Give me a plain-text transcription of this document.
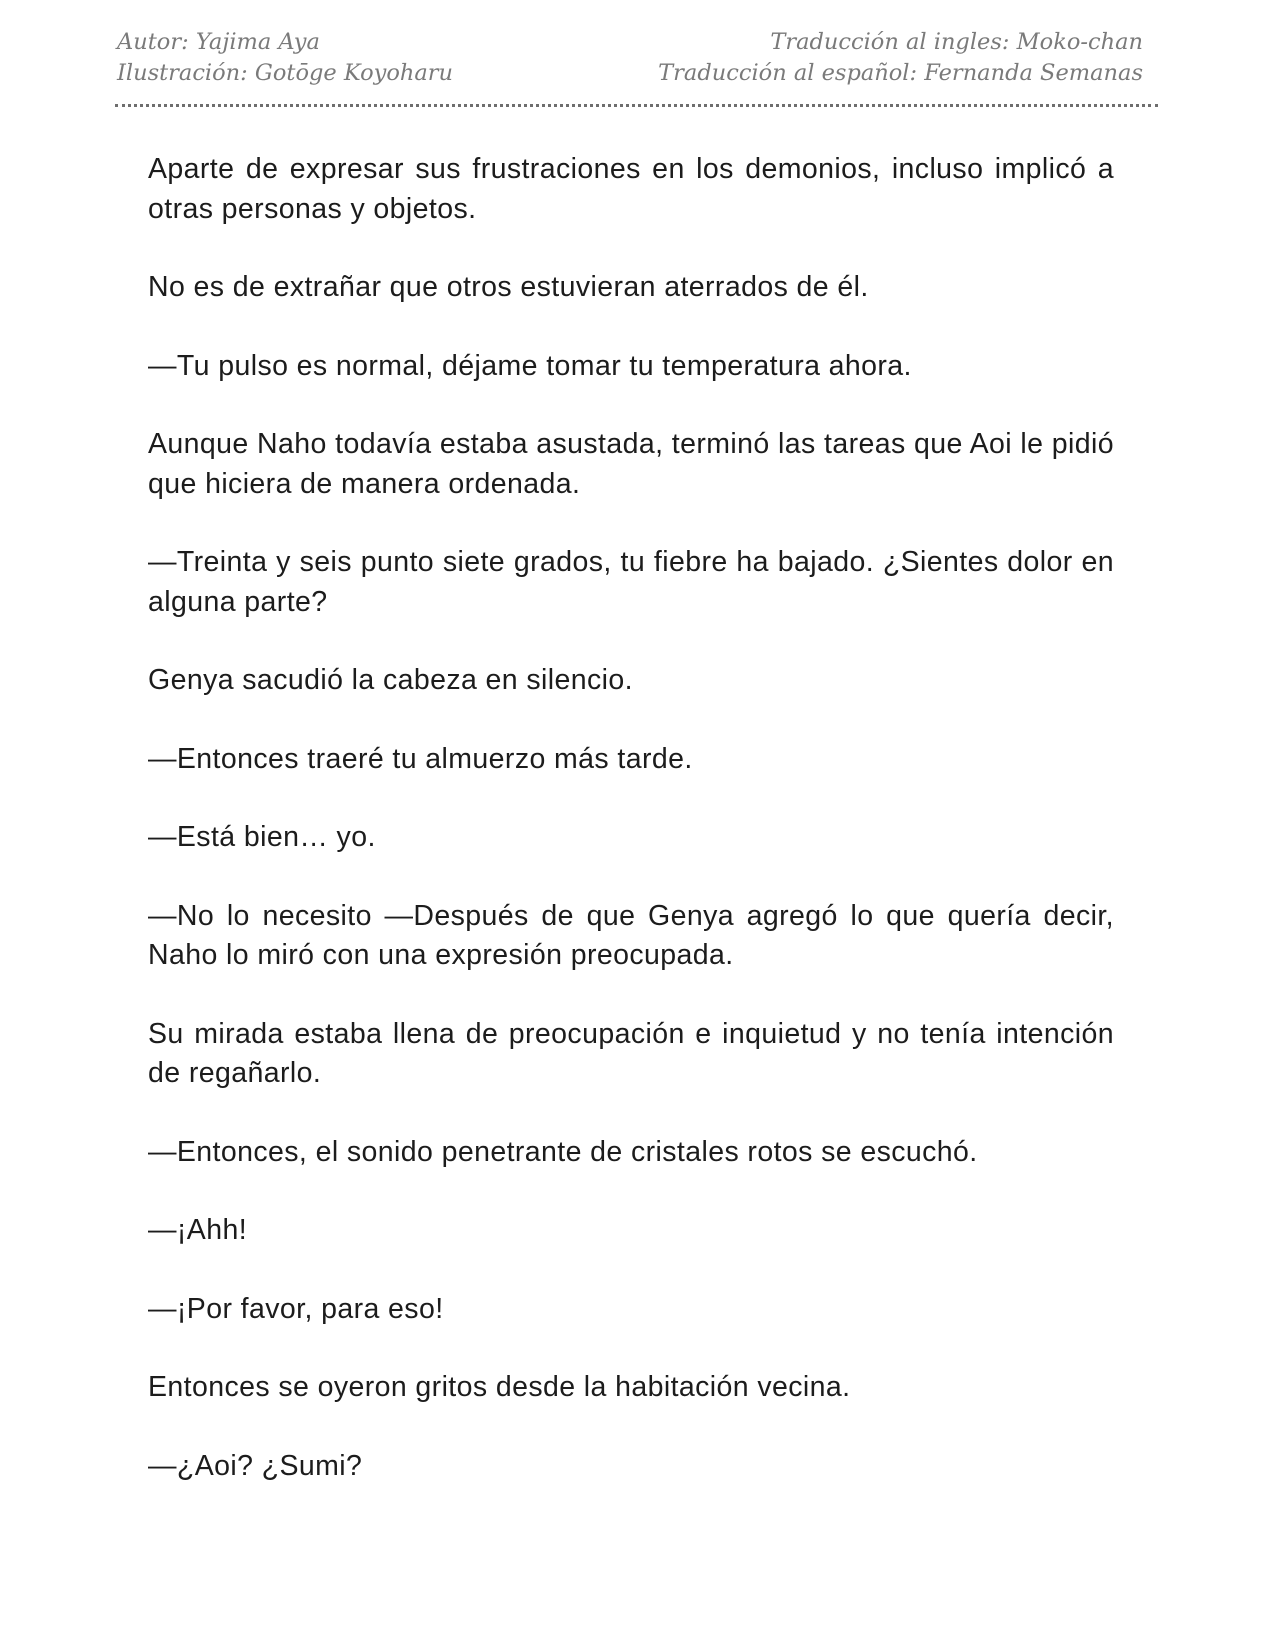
Autor: Yajima Aya
Ilustración: Gotōge Koyoharu
Traducción al ingles: Moko-chan
Traducción al español: Fernanda Semanas

Aparte de expresar sus frustraciones en los demonios, incluso implicó a otras personas y objetos.

No es de extrañar que otros estuvieran aterrados de él.

—Tu pulso es normal, déjame tomar tu temperatura ahora.

Aunque Naho todavía estaba asustada, terminó las tareas que Aoi le pidió que hiciera de manera ordenada.

—Treinta y seis punto siete grados, tu fiebre ha bajado. ¿Sientes dolor en alguna parte?

Genya sacudió la cabeza en silencio.

—Entonces traeré tu almuerzo más tarde.

—Está bien… yo.

—No lo necesito —Después de que Genya agregó lo que quería decir, Naho lo miró con una expresión preocupada.

Su mirada estaba llena de preocupación e inquietud y no tenía intención de regañarlo.

—Entonces, el sonido penetrante de cristales rotos se escuchó.

—¡Ahh!

—¡Por favor, para eso!

Entonces se oyeron gritos desde la habitación vecina.

—¿Aoi? ¿Sumi?
